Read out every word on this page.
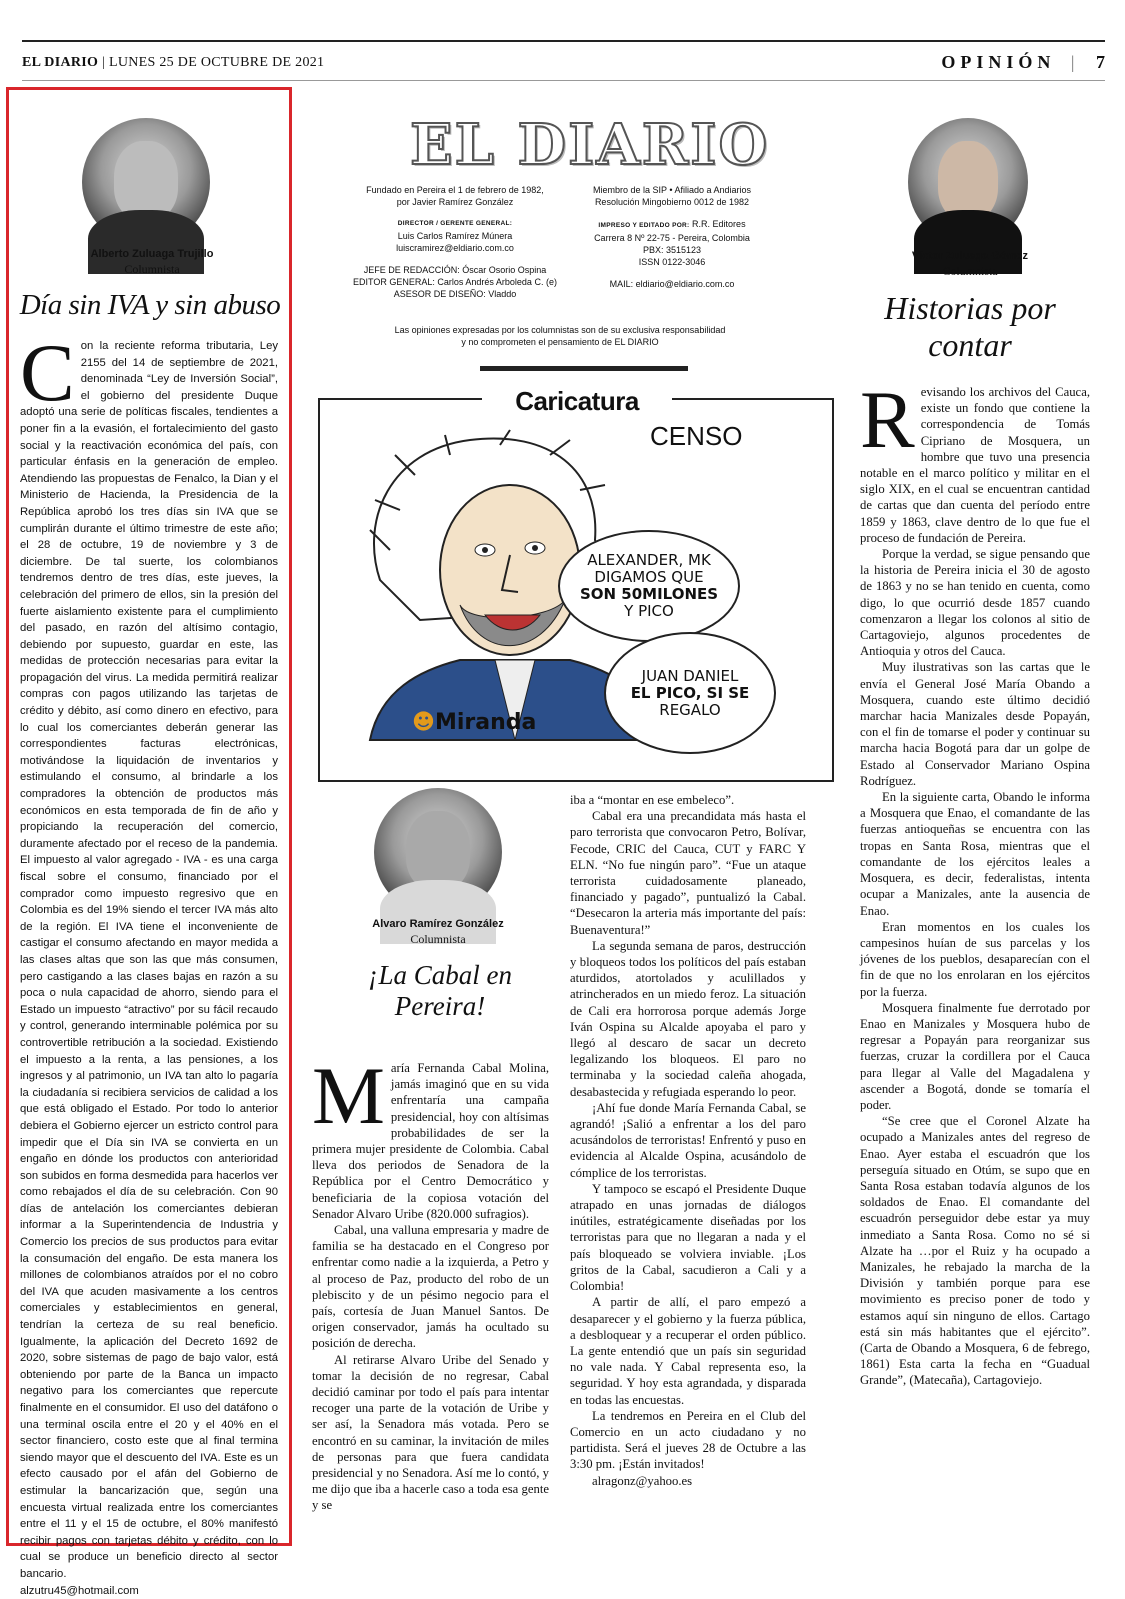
EL DIARIO | LUNES 25 DE OCTUBRE DE 2021	OPINIÓN | 7
Alberto Zuluaga Trujillo
Columnista
Día sin IVA y sin abuso
C on la reciente reforma tributaria, Ley 2155 del 14 de septiembre de 2021, denominada “Ley de Inversión Social”, el gobierno del presidente Duque adoptó una serie de políticas fiscales, tendientes a poner fin a la evasión, el fortalecimiento del gasto social y la reactivación económica del país, con particular énfasis en la generación de empleo. Atendiendo las propuestas de Fenalco, la Dian y el Ministerio de Hacienda, la Presidencia de la República aprobó los tres días sin IVA que se cumplirán durante el último trimestre de este año; el 28 de octubre, 19 de noviembre y 3 de diciembre. De tal suerte, los colombianos tendremos dentro de tres días, este jueves, la celebración del primero de ellos, sin la presión del fuerte aislamiento existente para el cumplimiento del pasado, en razón del altísimo contagio, debiendo por supuesto, guardar en este, las medidas de protección necesarias para evitar la propagación del virus. La medida permitirá realizar compras con pagos utilizando las tarjetas de crédito y débito, así como dinero en efectivo, para lo cual los comerciantes deberán generar las correspondientes facturas electrónicas, motivándose la liquidación de inventarios y estimulando el consumo, al brindarle a los compradores la obtención de productos más económicos en esta temporada de fin de año y propiciando la recuperación del comercio, duramente afectado por el receso de la pandemia. El impuesto al valor agregado - IVA - es una carga fiscal sobre el consumo, financiado por el comprador como impuesto regresivo que en Colombia es del 19% siendo el tercer IVA más alto de la región. El IVA tiene el inconveniente de castigar el consumo afectando en mayor medida a las clases altas que son las que más consumen, pero castigando a las clases bajas en razón a su poca o nula capacidad de ahorro, siendo para el Estado un impuesto “atractivo” por su fácil recaudo y control, generando interminable polémica por su controvertible retribución a la sociedad. Existiendo el impuesto a la renta, a las pensiones, a los ingresos y al patrimonio, un IVA tan alto lo pagaría la ciudadanía si recibiera servicios de calidad a los que está obligado el Estado. Por todo lo anterior debiera el Gobierno ejercer un estricto control para impedir que el Día sin IVA se convierta en un engaño en dónde los productos con anterioridad son subidos en forma desmedida para hacerlos ver como rebajados el día de su celebración. Con 90 días de antelación los comerciantes debieran informar a la Superintendencia de Industria y Comercio los precios de sus productos para evitar la consumación del engaño. De esta manera los millones de colombianos atraídos por el no cobro del IVA que acuden masivamente a los centros comerciales y establecimientos en general, tendrían la certeza de su real beneficio. Igualmente, la aplicación del Decreto 1692 de 2020, sobre sistemas de pago de bajo valor, está obteniendo por parte de la Banca un impacto negativo para los comerciantes que repercute finalmente en el consumidor. El uso del datáfono o una terminal oscila entre el 20 y el 40% en el sector financiero, costo este que al final termina siendo mayor que el descuento del IVA. Este es un efecto causado por el afán del Gobierno de estimular la bancarización que, según una encuesta virtual realizada entre los comerciantes entre el 11 y el 15 de octubre, el 80% manifestó recibir pagos con tarjetas débito y crédito, con lo cual se produce un beneficio directo al sector bancario.
alzutru45@hotmail.com
EL DIARIO
Fundado en Pereira el 1 de febrero de 1982,
por Javier Ramírez González
DIRECTOR / GERENTE GENERAL:
Luis Carlos Ramírez Múnera
luiscramirez@eldiario.com.co
JEFE DE REDACCIÓN: Óscar Osorio Ospina
EDITOR GENERAL: Carlos Andrés Arboleda C. (e)
ASESOR DE DISEÑO: Vladdo
Miembro de la SIP • Afiliado a Andiarios
Resolución Mingobierno 0012 de 1982
IMPRESO Y EDITADO POR: R.R. Editores
Carrera 8 Nº 22-75 - Pereira, Colombia
PBX: 3515123
ISSN 0122-3046
MAIL: eldiario@eldiario.com.co
Las opiniones expresadas por los columnistas son de su exclusiva responsabilidad
y no comprometen el pensamiento de EL DIARIO
Caricatura
CENSO
ALEXANDER, MK
DIGAMOS QUE
SON 50MILONES
Y PICO
JUAN DANIEL
EL PICO, SI SE
REGALO
☻Miranda
Alvaro Ramírez González
Columnista
¡La Cabal en Pereira!
M aría Fernanda Cabal Molina, jamás imaginó que en su vida enfrentaría una campaña presidencial, hoy con altísimas probabilidades de ser la primera mujer presidente de Colombia. Cabal lleva dos periodos de Senadora de la República por el Centro Democrático y beneficiaria de la copiosa votación del Senador Alvaro Uribe (820.000 sufragios).

Cabal, una valluna empresaria y madre de familia se ha destacado en el Congreso por enfrentar como nadie a la izquierda, a Petro y al proceso de Paz, producto del robo de un plebiscito y de un pésimo negocio para el país, cortesía de Juan Manuel Santos. De origen conservador, jamás ha ocultado su posición de derecha.

Al retirarse Alvaro Uribe del Senado y tomar la decisión de no regresar, Cabal decidió caminar por todo el país para intentar recoger una parte de la votación de Uribe y ser así, la Senadora más votada. Pero se encontró en su caminar, la invitación de miles de personas para que fuera candidata presidencial y no Senadora. Así me lo contó, y me dijo que iba a hacerle caso a toda esa gente y se

iba a “montar en ese embeleco”.

Cabal era una precandidata más hasta el paro terrorista que convocaron Petro, Bolívar, Fecode, CRIC del Cauca, CUT y FARC Y ELN. “No fue ningún paro”. “Fue un ataque terrorista cuidadosamente planeado, financiado y pagado”, puntualizó la Cabal. “Desecaron la arteria más importante del país: Buenaventura!”

La segunda semana de paros, destrucción y bloqueos todos los políticos del país estaban aturdidos, atortolados y aculillados y atrincherados en un miedo feroz. La situación de Cali era horrorosa porque además Jorge Iván Ospina su Alcalde apoyaba el paro y llegó al descaro de sacar un decreto legalizando los bloqueos. El paro no terminaba y la sociedad caleña ahogada, desabastecida y refugiada esperando lo peor.

¡Ahí fue donde María Fernanda Cabal, se agrandó! ¡Salió a enfrentar a los del paro acusándolos de terroristas! Enfrentó y puso en evidencia al Alcalde Ospina, acusándolo de cómplice de los terroristas.

Y tampoco se escapó el Presidente Duque atrapado en unas jornadas de diálogos inútiles, estratégicamente diseñadas por los terroristas para que no llegaran a nada y el país bloqueado se volviera inviable. ¡Los gritos de la Cabal, sacudieron a Cali y a Colombia!

A partir de allí, el paro empezó a desaparecer y el gobierno y la fuerza pública, a desbloquear y a recuperar el orden público. La gente entendió que un país sin seguridad no vale nada. Y Cabal representa eso, la seguridad. Y hoy esta agrandada, y disparada en todas las encuestas.

La tendremos en Pereira en el Club del Comercio en un acto ciudadano y no partidista. Será el jueves 28 de Octubre a las 3:30 pm. ¡Están invitados!

alragonz@yahoo.es

Víctor Zuluaga Gómez
Columnista
Historias por
contar
R evisando los archivos del Cauca, existe un fondo que contiene la correspondencia de Tomás Cipriano de Mosquera, un hombre que tuvo una presencia notable en el marco político y militar en el siglo XIX, en el cual se encuentran cantidad de cartas que dan cuenta del período entre 1859 y 1863, clave dentro de lo que fue el proceso de fundación de Pereira.

Porque la verdad, se sigue pensando que la historia de Pereira inicia el 30 de agosto de 1863 y no se han tenido en cuenta, como digo, lo que ocurrió desde 1857 cuando comenzaron a llegar los colonos al sitio de Cartagoviejo, algunos procedentes de Antioquia y otros del Cauca.

Muy ilustrativas son las cartas que le envía el General José María Obando a Mosquera, cuando este último decidió marchar hacia Manizales desde Popayán, con el fin de tomarse el poder y continuar su marcha hacia Bogotá para dar un golpe de Estado al Conservador Mariano Ospina Rodríguez.

En la siguiente carta, Obando le informa a Mosquera que Enao, el comandante de las fuerzas antioqueñas se encuentra con las tropas en Santa Rosa, mientras que el comandante de los ejércitos leales a Mosquera, es decir, federalistas, intenta ocupar a Manizales, ante la ausencia de Enao.

Eran momentos en los cuales los campesinos huían de sus parcelas y los jóvenes de los pueblos, desaparecían con el fin de que no los enrolaran en los ejércitos por la fuerza.

Mosquera finalmente fue derrotado por Enao en Manizales y Mosquera hubo de regresar a Popayán para reorganizar sus fuerzas, cruzar la cordillera por el Cauca para llegar al Valle del Magadalena y ascender a Bogotá, donde se tomaría el poder.

“Se cree que el Coronel Alzate ha ocupado a Manizales antes del regreso de Enao. Ayer estaba el escuadrón que los perseguía situado en Otúm, se supo que en Santa Rosa estaban todavía algunos de los soldados de Enao. El comandante del escuadrón perseguidor debe estar ya muy inmediato a Santa Rosa. Como no sé si Alzate ha …por el Ruiz y ha ocupado a Manizales, he rebajado la marcha de la División y también porque para ese movimiento es preciso poner de todo y estamos aquí sin ninguno de ellos. Cartago está sin más habitantes que el ejército”. (Carta de Obando a Mosquera, 6 de febrego, 1861) Esta carta la fecha en “Guadual Grande”, (Matecaña), Cartagoviejo.
